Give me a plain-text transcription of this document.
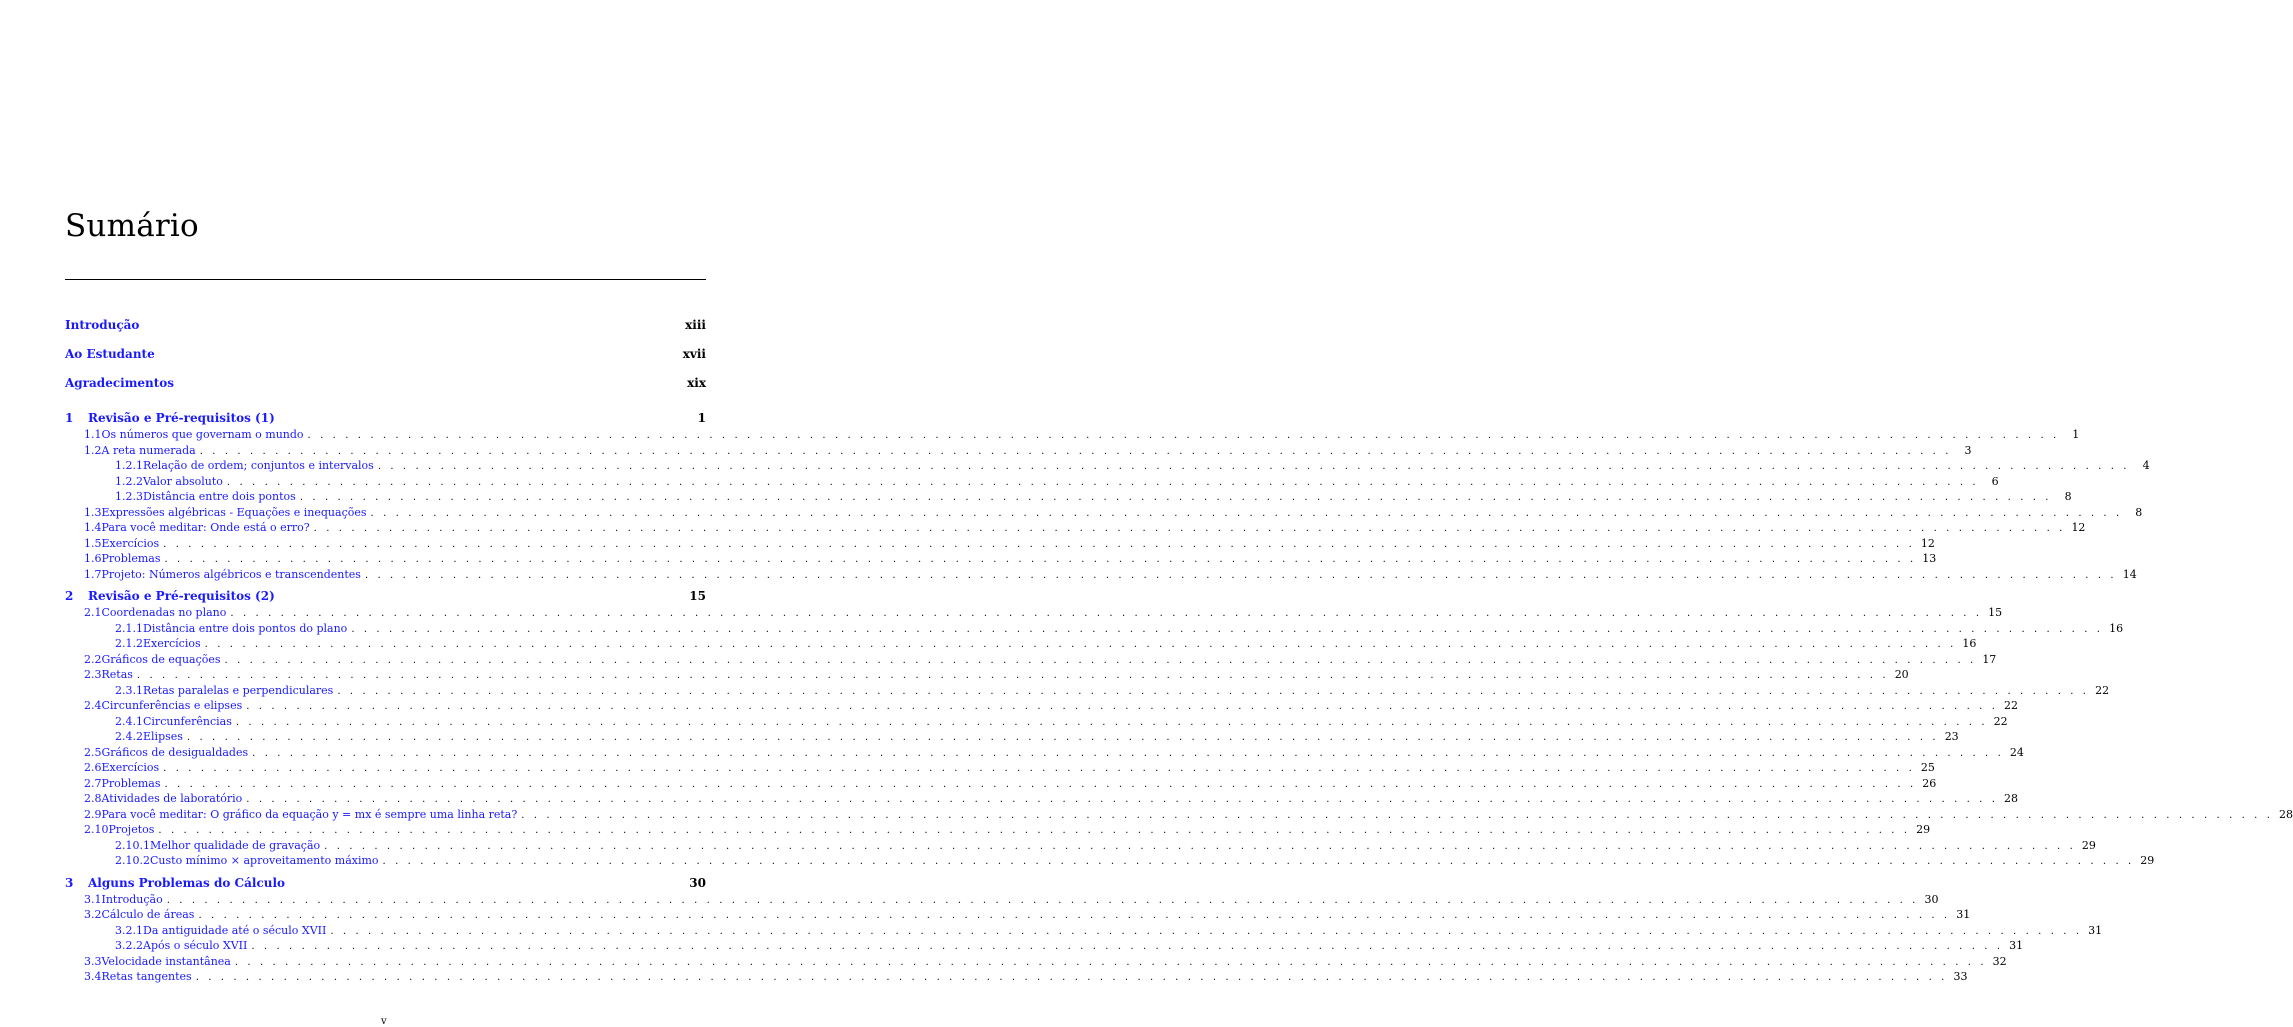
Sumário
Introdução	xiii
Ao Estudante	xvii
Agradecimentos	xix
1	Revisão e Pré-requisitos (1)	1
1.1 Os números que governam o mundo . . . . . . . . . . . . . . . . . . . . . . . . . . . . . . . . . . . . . . . . . . . . . . . . . . . . . . . . . . . . . . . . . . . . . . . . . . . . . . . . . . . . . . . . . . . . . . . . . . . . . . . . . . . . . . . . . . . . . . . . . . . . . . . . . . . . . . . . . . . .	1
1.2 A reta numerada . . . . . . . . . . . . . . . . . . . . . . . . . . . . . . . . . . . . . . . . . . . . . . . . . . . . . . . . . . . . . . . . . . . . . . . . . . . . . . . . . . . . . . . . . . . . . . . . . . . . . . . . . . . . . . . . . . . . . . . . . . . . . . . . . . . . . . . . . . . .	3
1.2.1 Relação de ordem; conjuntos e intervalos . . . . . . . . . . . . . . . . . . . . . . . . . . . . . . . . . . . . . . . . . . . . . . . . . . . . . . . . . . . . . . . . . . . . . . . . . . . . . . . . . . . . . . . . . . . . . . . . . . . . . . . . . . . . . . . . . . . . . . . . . . . . . . . . . . . . . . . . . . . .	4
1.2.2 Valor absoluto . . . . . . . . . . . . . . . . . . . . . . . . . . . . . . . . . . . . . . . . . . . . . . . . . . . . . . . . . . . . . . . . . . . . . . . . . . . . . . . . . . . . . . . . . . . . . . . . . . . . . . . . . . . . . . . . . . . . . . . . . . . . . . . . . . . . . . . . . . . .	6
1.2.3 Distância entre dois pontos . . . . . . . . . . . . . . . . . . . . . . . . . . . . . . . . . . . . . . . . . . . . . . . . . . . . . . . . . . . . . . . . . . . . . . . . . . . . . . . . . . . . . . . . . . . . . . . . . . . . . . . . . . . . . . . . . . . . . . . . . . . . . . . . . . . . . . . . . . . .	8
1.3 Expressões algébricas - Equações e inequações . . . . . . . . . . . . . . . . . . . . . . . . . . . . . . . . . . . . . . . . . . . . . . . . . . . . . . . . . . . . . . . . . . . . . . . . . . . . . . . . . . . . . . . . . . . . . . . . . . . . . . . . . . . . . . . . . . . . . . . . . . . . . . . . . . . . . . . . . . . .	8
1.4 Para você meditar: Onde está o erro? . . . . . . . . . . . . . . . . . . . . . . . . . . . . . . . . . . . . . . . . . . . . . . . . . . . . . . . . . . . . . . . . . . . . . . . . . . . . . . . . . . . . . . . . . . . . . . . . . . . . . . . . . . . . . . . . . . . . . . . . . . . . . . . . . . . . . . . . . . . . 12
1.5 Exercícios . . . . . . . . . . . . . . . . . . . . . . . . . . . . . . . . . . . . . . . . . . . . . . . . . . . . . . . . . . . . . . . . . . . . . . . . . . . . . . . . . . . . . . . . . . . . . . . . . . . . . . . . . . . . . . . . . . . . . . . . . . . . . . . . . . . . . . . . . . . . 12
1.6 Problemas . . . . . . . . . . . . . . . . . . . . . . . . . . . . . . . . . . . . . . . . . . . . . . . . . . . . . . . . . . . . . . . . . . . . . . . . . . . . . . . . . . . . . . . . . . . . . . . . . . . . . . . . . . . . . . . . . . . . . . . . . . . . . . . . . . . . . . . . . . . . 13
1.7 Projeto: Números algébricos e transcendentes . . . . . . . . . . . . . . . . . . . . . . . . . . . . . . . . . . . . . . . . . . . . . . . . . . . . . . . . . . . . . . . . . . . . . . . . . . . . . . . . . . . . . . . . . . . . . . . . . . . . . . . . . . . . . . . . . . . . . . . . . . . . . . . . . . . . . . . . . . . . 14
2	Revisão e Pré-requisitos (2)	15
2.1 Coordenadas no plano . . . . . . . . . . . . . . . . . . . . . . . . . . . . . . . . . . . . . . . . . . . . . . . . . . . . . . . . . . . . . . . . . . . . . . . . . . . . . . . . . . . . . . . . . . . . . . . . . . . . . . . . . . . . . . . . . . . . . . . . . . . . . . . . . . . . . . . . . . . . 15
2.1.1 Distância entre dois pontos do plano . . . . . . . . . . . . . . . . . . . . . . . . . . . . . . . . . . . . . . . . . . . . . . . . . . . . . . . . . . . . . . . . . . . . . . . . . . . . . . . . . . . . . . . . . . . . . . . . . . . . . . . . . . . . . . . . . . . . . . . . . . . . . . . . . . . . . . . . . . . . 16
2.1.2 Exercícios . . . . . . . . . . . . . . . . . . . . . . . . . . . . . . . . . . . . . . . . . . . . . . . . . . . . . . . . . . . . . . . . . . . . . . . . . . . . . . . . . . . . . . . . . . . . . . . . . . . . . . . . . . . . . . . . . . . . . . . . . . . . . . . . . . . . . . . . . . . . 16
2.2 Gráficos de equações . . . . . . . . . . . . . . . . . . . . . . . . . . . . . . . . . . . . . . . . . . . . . . . . . . . . . . . . . . . . . . . . . . . . . . . . . . . . . . . . . . . . . . . . . . . . . . . . . . . . . . . . . . . . . . . . . . . . . . . . . . . . . . . . . . . . . . . . . . . . 17
2.3 Retas . . . . . . . . . . . . . . . . . . . . . . . . . . . . . . . . . . . . . . . . . . . . . . . . . . . . . . . . . . . . . . . . . . . . . . . . . . . . . . . . . . . . . . . . . . . . . . . . . . . . . . . . . . . . . . . . . . . . . . . . . . . . . . . . . . . . . . . . . . . . 20
2.3.1 Retas paralelas e perpendiculares . . . . . . . . . . . . . . . . . . . . . . . . . . . . . . . . . . . . . . . . . . . . . . . . . . . . . . . . . . . . . . . . . . . . . . . . . . . . . . . . . . . . . . . . . . . . . . . . . . . . . . . . . . . . . . . . . . . . . . . . . . . . . . . . . . . . . . . . . . . . 22
2.4 Circunferências e elipses . . . . . . . . . . . . . . . . . . . . . . . . . . . . . . . . . . . . . . . . . . . . . . . . . . . . . . . . . . . . . . . . . . . . . . . . . . . . . . . . . . . . . . . . . . . . . . . . . . . . . . . . . . . . . . . . . . . . . . . . . . . . . . . . . . . . . . . . . . . . 22
2.4.1 Circunferências . . . . . . . . . . . . . . . . . . . . . . . . . . . . . . . . . . . . . . . . . . . . . . . . . . . . . . . . . . . . . . . . . . . . . . . . . . . . . . . . . . . . . . . . . . . . . . . . . . . . . . . . . . . . . . . . . . . . . . . . . . . . . . . . . . . . . . . . . . . . 22
2.4.2 Elipses . . . . . . . . . . . . . . . . . . . . . . . . . . . . . . . . . . . . . . . . . . . . . . . . . . . . . . . . . . . . . . . . . . . . . . . . . . . . . . . . . . . . . . . . . . . . . . . . . . . . . . . . . . . . . . . . . . . . . . . . . . . . . . . . . . . . . . . . . . . . 23
2.5 Gráficos de desigualdades . . . . . . . . . . . . . . . . . . . . . . . . . . . . . . . . . . . . . . . . . . . . . . . . . . . . . . . . . . . . . . . . . . . . . . . . . . . . . . . . . . . . . . . . . . . . . . . . . . . . . . . . . . . . . . . . . . . . . . . . . . . . . . . . . . . . . . . . . . . . 24
2.6 Exercícios . . . . . . . . . . . . . . . . . . . . . . . . . . . . . . . . . . . . . . . . . . . . . . . . . . . . . . . . . . . . . . . . . . . . . . . . . . . . . . . . . . . . . . . . . . . . . . . . . . . . . . . . . . . . . . . . . . . . . . . . . . . . . . . . . . . . . . . . . . . . 25
2.7 Problemas . . . . . . . . . . . . . . . . . . . . . . . . . . . . . . . . . . . . . . . . . . . . . . . . . . . . . . . . . . . . . . . . . . . . . . . . . . . . . . . . . . . . . . . . . . . . . . . . . . . . . . . . . . . . . . . . . . . . . . . . . . . . . . . . . . . . . . . . . . . . 26
2.8 Atividades de laboratório . . . . . . . . . . . . . . . . . . . . . . . . . . . . . . . . . . . . . . . . . . . . . . . . . . . . . . . . . . . . . . . . . . . . . . . . . . . . . . . . . . . . . . . . . . . . . . . . . . . . . . . . . . . . . . . . . . . . . . . . . . . . . . . . . . . . . . . . . . . . 28
2.9 Para você meditar: O gráfico da equação y = mx é sempre uma linha reta? . . . . . . . . . . . . . . . . . . . . . . . . . . . . . . . . . . . . . . . . . . . . . . . . . . . . . . . . . . . . . . . . . . . . . . . . . . . . . . . . . . . . . . . . . . . . . . . . . . . . . . . . . . . . . . . . . . . . . . . . . . . . . . . . . . . . . . . . . . . . 28
2.10 Projetos . . . . . . . . . . . . . . . . . . . . . . . . . . . . . . . . . . . . . . . . . . . . . . . . . . . . . . . . . . . . . . . . . . . . . . . . . . . . . . . . . . . . . . . . . . . . . . . . . . . . . . . . . . . . . . . . . . . . . . . . . . . . . . . . . . . . . . . . . . . . 29
2.10.1 Melhor qualidade de gravação . . . . . . . . . . . . . . . . . . . . . . . . . . . . . . . . . . . . . . . . . . . . . . . . . . . . . . . . . . . . . . . . . . . . . . . . . . . . . . . . . . . . . . . . . . . . . . . . . . . . . . . . . . . . . . . . . . . . . . . . . . . . . . . . . . . . . . . . . . . . 29
2.10.2 Custo mínimo × aproveitamento máximo . . . . . . . . . . . . . . . . . . . . . . . . . . . . . . . . . . . . . . . . . . . . . . . . . . . . . . . . . . . . . . . . . . . . . . . . . . . . . . . . . . . . . . . . . . . . . . . . . . . . . . . . . . . . . . . . . . . . . . . . . . . . . . . . . . . . . . . . . . . . 29
3	Alguns Problemas do Cálculo	30
3.1 Introdução . . . . . . . . . . . . . . . . . . . . . . . . . . . . . . . . . . . . . . . . . . . . . . . . . . . . . . . . . . . . . . . . . . . . . . . . . . . . . . . . . . . . . . . . . . . . . . . . . . . . . . . . . . . . . . . . . . . . . . . . . . . . . . . . . . . . . . . . . . . . 30
3.2 Cálculo de áreas . . . . . . . . . . . . . . . . . . . . . . . . . . . . . . . . . . . . . . . . . . . . . . . . . . . . . . . . . . . . . . . . . . . . . . . . . . . . . . . . . . . . . . . . . . . . . . . . . . . . . . . . . . . . . . . . . . . . . . . . . . . . . . . . . . . . . . . . . . . . 31
3.2.1 Da antiguidade até o século XVII . . . . . . . . . . . . . . . . . . . . . . . . . . . . . . . . . . . . . . . . . . . . . . . . . . . . . . . . . . . . . . . . . . . . . . . . . . . . . . . . . . . . . . . . . . . . . . . . . . . . . . . . . . . . . . . . . . . . . . . . . . . . . . . . . . . . . . . . . . . . 31
3.2.2 Após o século XVII . . . . . . . . . . . . . . . . . . . . . . . . . . . . . . . . . . . . . . . . . . . . . . . . . . . . . . . . . . . . . . . . . . . . . . . . . . . . . . . . . . . . . . . . . . . . . . . . . . . . . . . . . . . . . . . . . . . . . . . . . . . . . . . . . . . . . . . . . . . . 31
3.3 Velocidade instantânea . . . . . . . . . . . . . . . . . . . . . . . . . . . . . . . . . . . . . . . . . . . . . . . . . . . . . . . . . . . . . . . . . . . . . . . . . . . . . . . . . . . . . . . . . . . . . . . . . . . . . . . . . . . . . . . . . . . . . . . . . . . . . . . . . . . . . . . . . . . . 32
3.4 Retas tangentes . . . . . . . . . . . . . . . . . . . . . . . . . . . . . . . . . . . . . . . . . . . . . . . . . . . . . . . . . . . . . . . . . . . . . . . . . . . . . . . . . . . . . . . . . . . . . . . . . . . . . . . . . . . . . . . . . . . . . . . . . . . . . . . . . . . . . . . . . . . . 33
v
